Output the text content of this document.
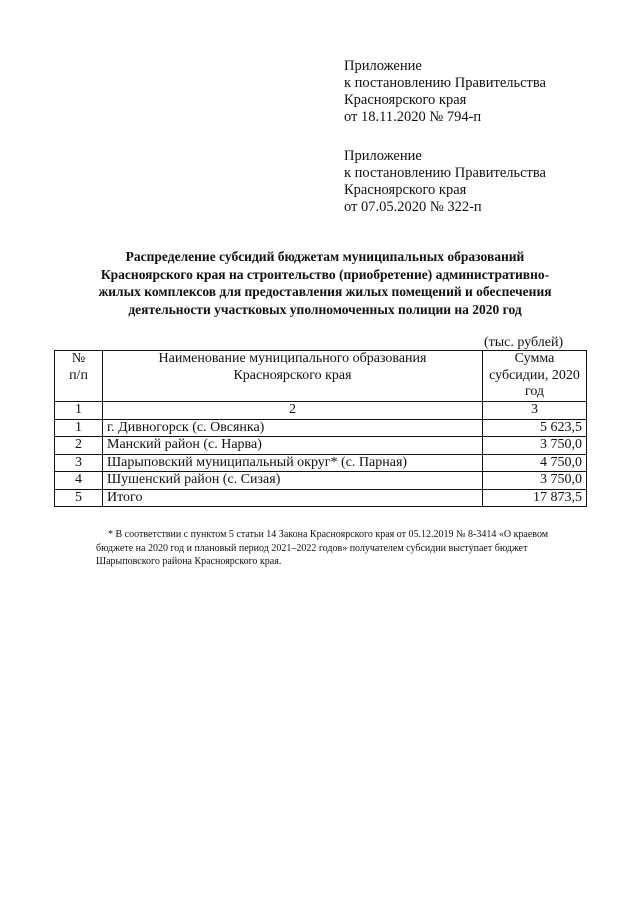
Приложение
к постановлению Правительства
Красноярского края
от 18.11.2020 № 794-п
Приложение
к постановлению Правительства
Красноярского края
от 07.05.2020 № 322-п
Распределение субсидий бюджетам муниципальных образований
Красноярского края на строительство (приобретение) административно-
жилых комплексов для предоставления жилых помещений и обеспечения
деятельности участковых уполномоченных полиции на 2020 год
(тыс. рублей)
№
п/п	Наименование муниципального образования Красноярского края	Сумма субсидии, 2020 год
1	2	3
1	г. Дивногорск (с. Овсянка)	5 623,5
2	Манский район (с. Нарва)	3 750,0
3	Шарыповский муниципальный округ* (с. Парная)	4 750,0
4	Шушенский район (с. Сизая)	3 750,0
5	Итого	17 873,5
* В соответствии с пунктом 5 статьи 14 Закона Красноярского края от 05.12.2019 № 8-3414 «О краевом
бюджете на 2020 год и плановый период 2021–2022 годов» получателем субсидии выступает бюджет
Шарыповского района Красноярского края.
